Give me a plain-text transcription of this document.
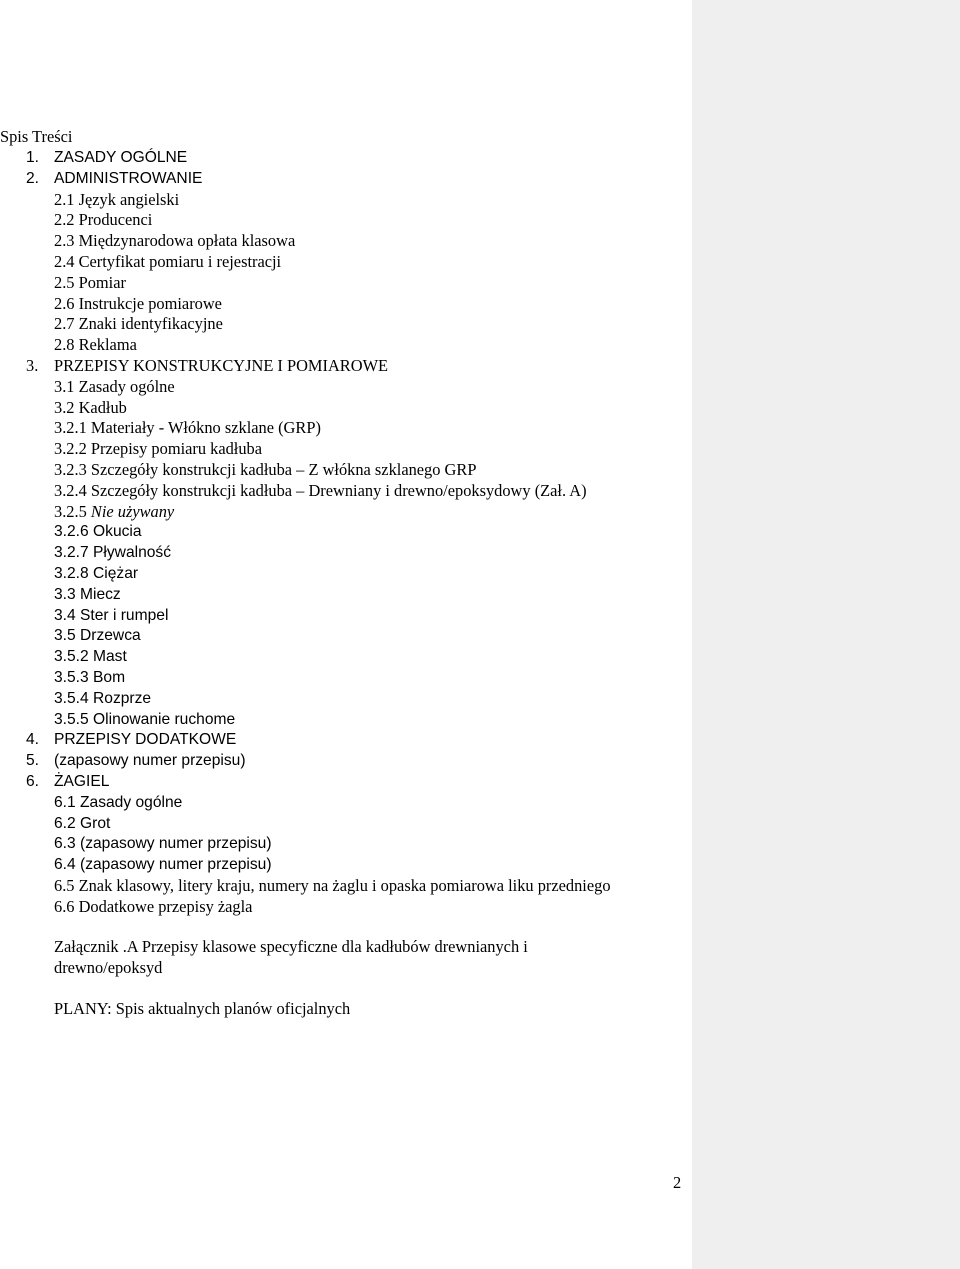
Spis Treści
1. ZASADY OGÓLNE
2. ADMINISTROWANIE
2.1 Język angielski
2.2 Producenci
2.3 Międzynarodowa opłata klasowa
2.4 Certyfikat pomiaru i rejestracji
2.5 Pomiar
2.6 Instrukcje pomiarowe
2.7 Znaki identyfikacyjne
2.8 Reklama
3. PRZEPISY KONSTRUKCYJNE I POMIAROWE
3.1 Zasady ogólne
3.2 Kadłub
3.2.1 Materiały - Włókno szklane (GRP)
3.2.2 Przepisy pomiaru kadłuba
3.2.3 Szczegóły konstrukcji kadłuba – Z włókna szklanego GRP
3.2.4 Szczegóły konstrukcji kadłuba – Drewniany i drewno/epoksydowy (Zał. A)
3.2.5 Nie używany
3.2.6 Okucia
3.2.7 Pływalność
3.2.8 Ciężar
3.3 Miecz
3.4 Ster i rumpel
3.5 Drzewca
3.5.2 Mast
3.5.3 Bom
3.5.4 Rozprze
3.5.5 Olinowanie ruchome
4. PRZEPISY DODATKOWE
5. (zapasowy numer przepisu)
6. ŻAGIEL
6.1 Zasady ogólne
6.2 Grot
6.3 (zapasowy numer przepisu)
6.4 (zapasowy numer przepisu)
6.5 Znak klasowy, litery kraju, numery na żaglu i opaska pomiarowa liku przedniego
6.6 Dodatkowe przepisy żagla
Załącznik .A Przepisy klasowe specyficzne dla kadłubów drewnianych i
drewno/epoksyd
PLANY: Spis aktualnych planów oficjalnych
2
